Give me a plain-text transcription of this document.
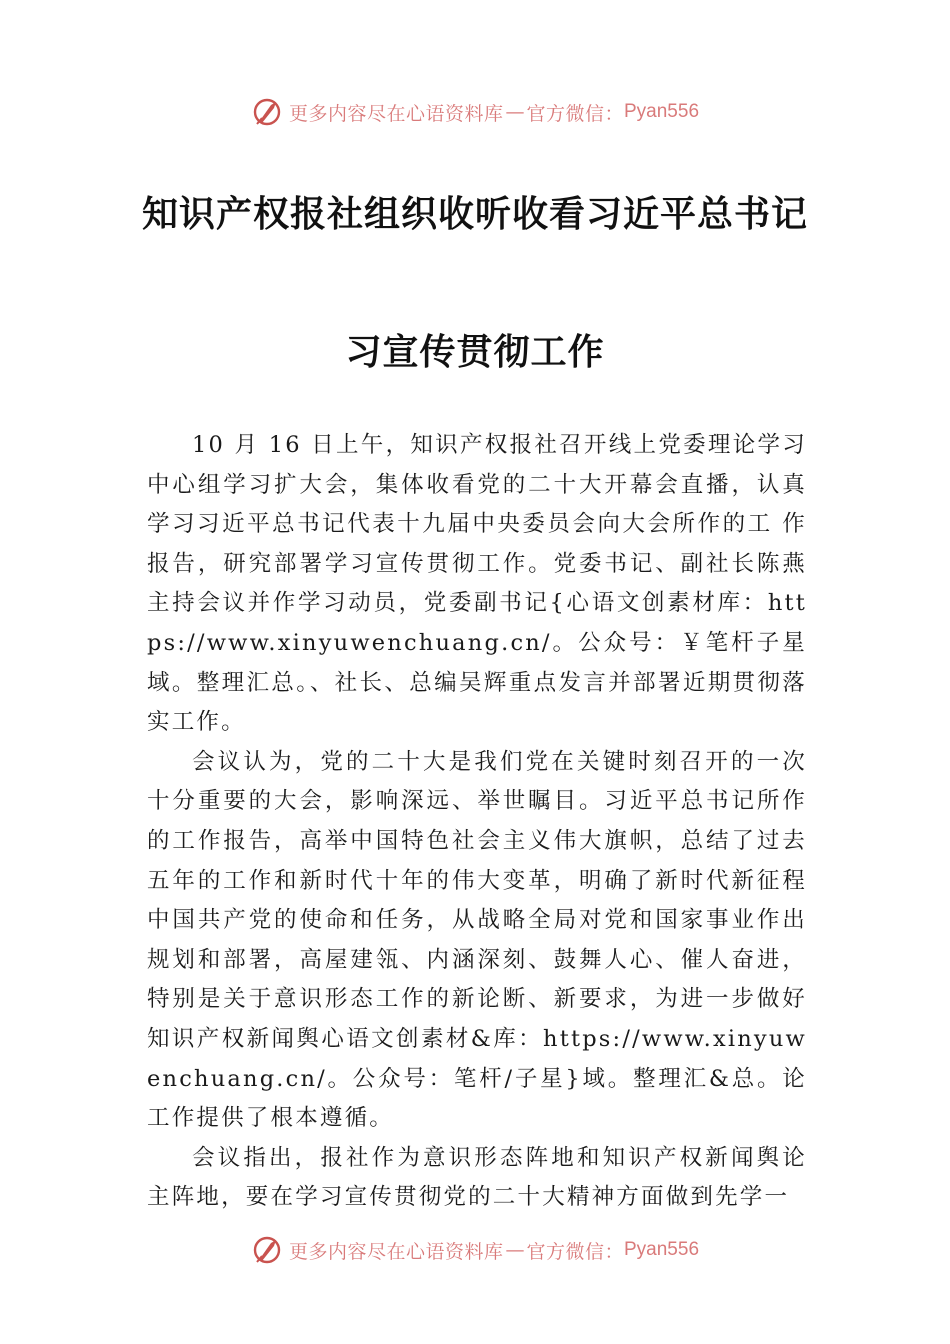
更多内容尽在心语资料库 — 官方微信： Pyan556
知识产权报社组织收听收看习近平总书记
习宣传贯彻工作

10 月 16 日上午，知识产权报社召开线上党委理论学习中心组学习扩大会，集体收看党的二十大开幕会直播，认真学习习近平总书记代表十九届中央委员会向大会所作的工 作报告，研究部署学习宣传贯彻工作。党委书记、副社长陈燕主持会议并作学习动员，党委副书记{心语文创素材库：https://www.xinyuwenchuang.cn/。公众号：￥笔杆子星域。整理汇总。、社长、总编吴辉重点发言并部署近期贯彻落实工作。

会议认为，党的二十大是我们党在关键时刻召开的一次十分重要的大会，影响深远、举世瞩目。习近平总书记所作的工作报告，高举中国特色社会主义伟大旗帜，总结了过去五年的工作和新时代十年的伟大变革，明确了新时代新征程中国共产党的使命和任务，从战略全局对党和国家事业作出规划和部署，高屋建瓴、内涵深刻、鼓舞人心、催人奋进，特别是关于意识形态工作的新论断、新要求，为进一步做好知识产权新闻舆心语文创素材&库：https://www.xinyuwenchuang.cn/。公众号：笔杆/子星}域。整理汇&总。论工作提供了根本遵循。

会议指出，报社作为意识形态阵地和知识产权新闻舆论主阵地，要在学习宣传贯彻党的二十大精神方面做到先学一

更多内容尽在心语资料库 — 官方微信： Pyan556
